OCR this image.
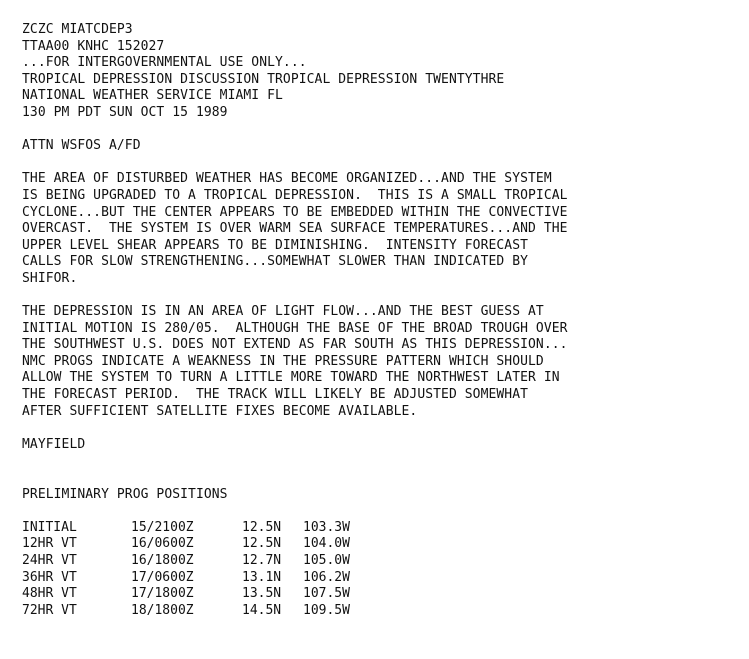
ZCZC MIATCDEP3
TTAA00 KNHC 152027
...FOR INTERGOVERNMENTAL USE ONLY...
TROPICAL DEPRESSION DISCUSSION TROPICAL DEPRESSION TWENTYTHRE
NATIONAL WEATHER SERVICE MIAMI FL
130 PM PDT SUN OCT 15 1989
ATTN WSFOS A/FD
THE AREA OF DISTURBED WEATHER HAS BECOME ORGANIZED...AND THE SYSTEM
IS BEING UPGRADED TO A TROPICAL DEPRESSION.  THIS IS A SMALL TROPICAL
CYCLONE...BUT THE CENTER APPEARS TO BE EMBEDDED WITHIN THE CONVECTIVE
OVERCAST.  THE SYSTEM IS OVER WARM SEA SURFACE TEMPERATURES...AND THE
UPPER LEVEL SHEAR APPEARS TO BE DIMINISHING.  INTENSITY FORECAST
CALLS FOR SLOW STRENGTHENING...SOMEWHAT SLOWER THAN INDICATED BY
SHIFOR.
THE DEPRESSION IS IN AN AREA OF LIGHT FLOW...AND THE BEST GUESS AT
INITIAL MOTION IS 280/05.  ALTHOUGH THE BASE OF THE BROAD TROUGH OVER
THE SOUTHWEST U.S. DOES NOT EXTEND AS FAR SOUTH AS THIS DEPRESSION...
NMC PROGS INDICATE A WEAKNESS IN THE PRESSURE PATTERN WHICH SHOULD
ALLOW THE SYSTEM TO TURN A LITTLE MORE TOWARD THE NORTHWEST LATER IN
THE FORECAST PERIOD.  THE TRACK WILL LIKELY BE ADJUSTED SOMEWHAT
AFTER SUFFICIENT SATELLITE FIXES BECOME AVAILABLE.
MAYFIELD
PRELIMINARY PROG POSITIONS
INITIAL	15/2100Z	12.5N	103.3W
12HR VT	16/0600Z	12.5N	104.0W
24HR VT	16/1800Z	12.7N	105.0W
36HR VT	17/0600Z	13.1N	106.2W
48HR VT	17/1800Z	13.5N	107.5W
72HR VT	18/1800Z	14.5N	109.5W
